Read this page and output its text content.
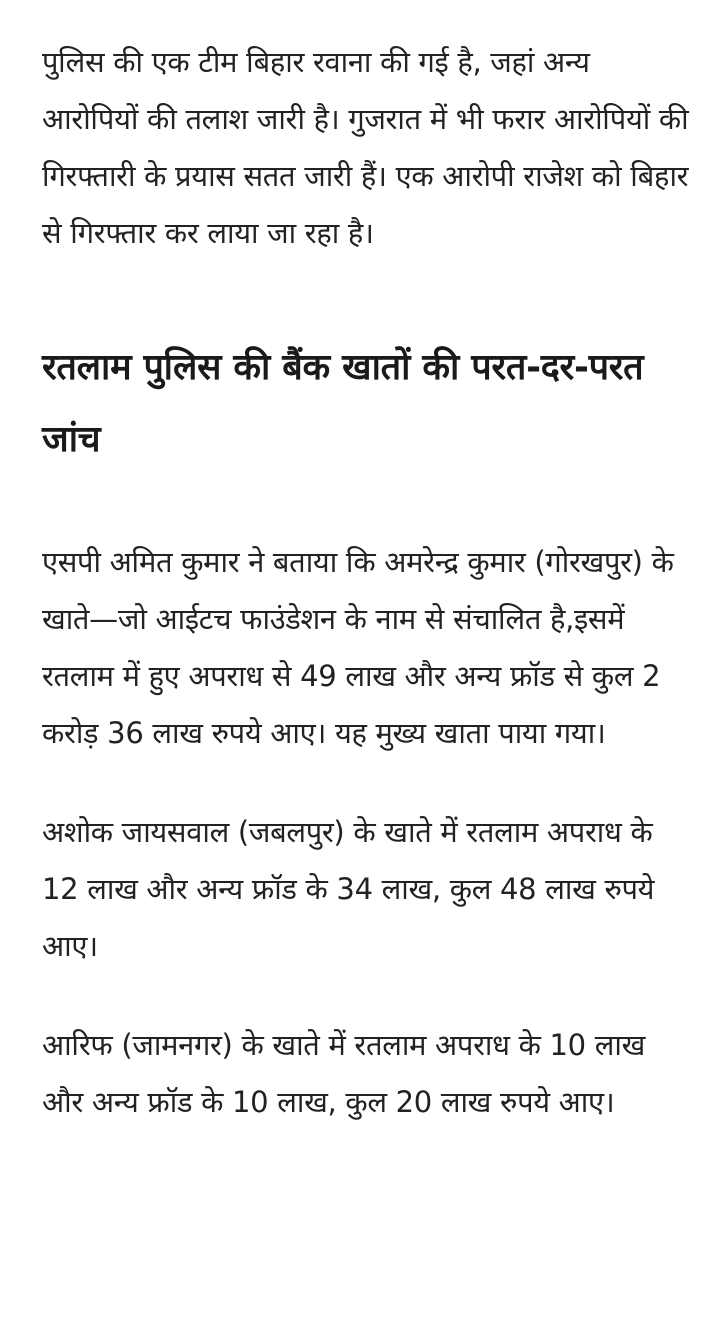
पुलिस की एक टीम बिहार रवाना की गई है, जहां अन्य आरोपियों की तलाश जारी है। गुजरात में भी फरार आरोपियों की गिरफ्तारी के प्रयास सतत जारी हैं। एक आरोपी राजेश को बिहार से गिरफ्तार कर लाया जा रहा है।

रतलाम पुलिस की बैंक खातों की परत-दर-परत जांच

एसपी अमित कुमार ने बताया कि अमरेन्द्र कुमार (गोरखपुर) के खाते—जो आईटच फाउंडेशन के नाम से संचालित है,इसमें रतलाम में हुए अपराध से 49 लाख और अन्य फ्रॉड से कुल 2 करोड़ 36 लाख रुपये आए। यह मुख्य खाता पाया गया।

अशोक जायसवाल (जबलपुर) के खाते में रतलाम अपराध के 12 लाख और अन्य फ्रॉड के 34 लाख, कुल 48 लाख रुपये आए।

आरिफ (जामनगर) के खाते में रतलाम अपराध के 10 लाख और अन्य फ्रॉड के 10 लाख, कुल 20 लाख रुपये आए।
